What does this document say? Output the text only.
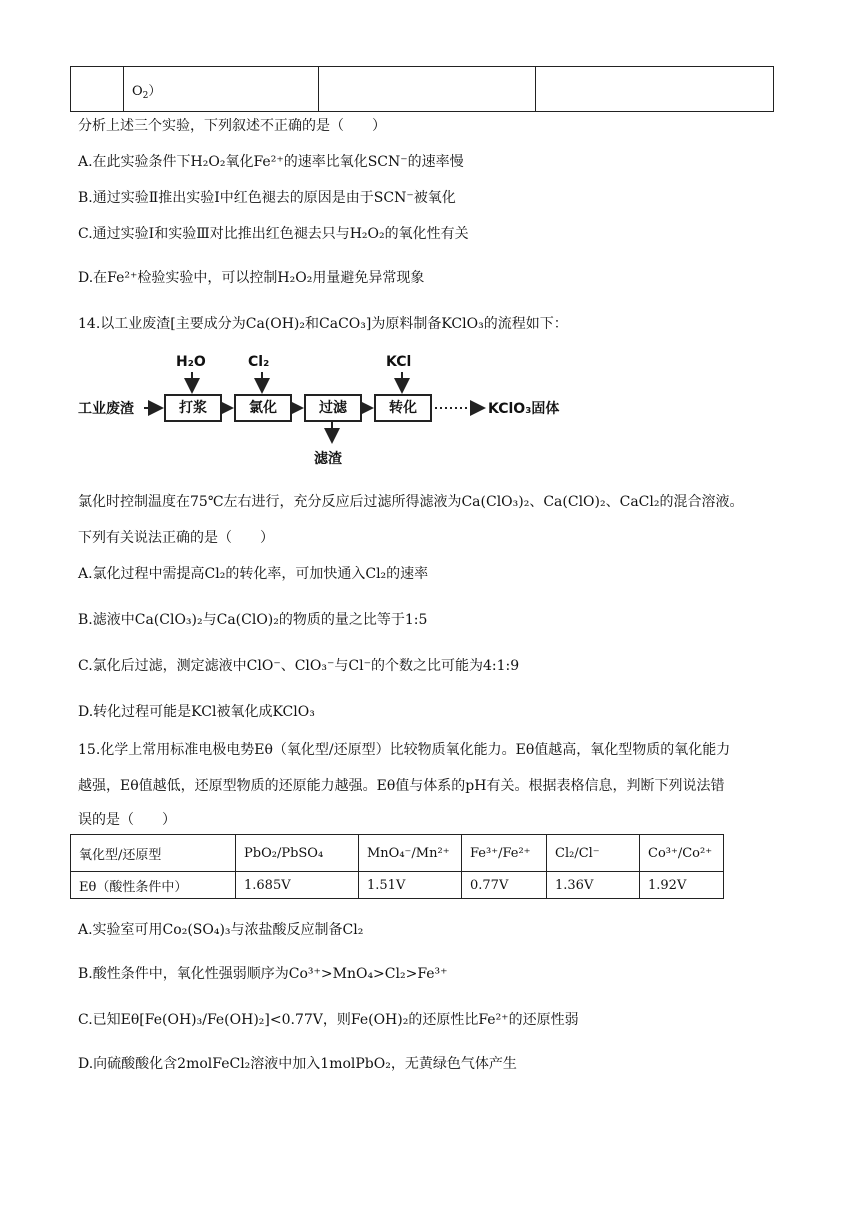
	$O_2$）		
分析上述三个实验，下列叙述不正确的是（　　）
A.在此实验条件下H₂O₂氧化Fe²⁺的速率比氧化SCN⁻的速率慢
B.通过实验Ⅱ推出实验Ⅰ中红色褪去的原因是由于SCN⁻被氧化
C.通过实验Ⅰ和实验Ⅲ对比推出红色褪去只与H₂O₂的氧化性有关
D.在Fe²⁺检验实验中，可以控制H₂O₂用量避免异常现象
14.以工业废渣[主要成分为Ca(OH)₂和CaCO₃]为原料制备KClO₃的流程如下：
工业废渣	打浆	氯化	过滤	转化
H₂O	Cl₂	KCl
滤渣
KClO₃固体
氯化时控制温度在75℃左右进行，充分反应后过滤所得滤液为Ca(ClO₃)₂、Ca(ClO)₂、CaCl₂的混合溶液。
下列有关说法正确的是（　　）
A.氯化过程中需提高Cl₂的转化率，可加快通入Cl₂的速率
B.滤液中Ca(ClO₃)₂与Ca(ClO)₂的物质的量之比等于1:5
C.氯化后过滤，测定滤液中ClO⁻、ClO₃⁻与Cl⁻的个数之比可能为4:1:9
D.转化过程可能是KCl被氧化成KClO₃
15.化学上常用标准电极电势Eθ（氧化型/还原型）比较物质氧化能力。Eθ值越高，氧化型物质的氧化能力
越强，Eθ值越低，还原型物质的还原能力越强。Eθ值与体系的pH有关。根据表格信息，判断下列说法错
误的是（　　）
氧化型/还原型	PbO₂/PbSO₄	MnO₄⁻/Mn²⁺	Fe³⁺/Fe²⁺	Cl₂/Cl⁻	Co³⁺/Co²⁺
Eθ（酸性条件中）	1.685V	1.51V	0.77V	1.36V	1.92V
A.实验室可用Co₂(SO₄)₃与浓盐酸反应制备Cl₂
B.酸性条件中，氧化性强弱顺序为Co³⁺>MnO₄>Cl₂>Fe³⁺
C.已知Eθ[Fe(OH)₃/Fe(OH)₂]<0.77V，则Fe(OH)₂的还原性比Fe²⁺的还原性弱
D.向硫酸酸化含2molFeCl₂溶液中加入1molPbO₂，无黄绿色气体产生
